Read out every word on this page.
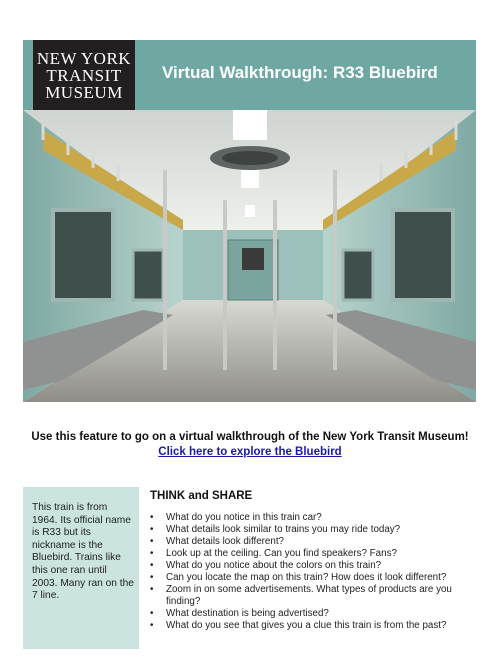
NEW YORK
TRANSIT
MUSEUM
Virtual Walkthrough: R33 Bluebird
Use this feature to go on a virtual walkthrough of the New York Transit Museum!
Click here to explore the Bluebird
This train is from 1964. Its official name is R33 but its nickname is the Bluebird. Trains like this one ran until 2003. Many ran on the 7 line.
THINK and SHARE
• What do you notice in this train car?
• What details look similar to trains you may ride today?
• What details look different?
• Look up at the ceiling. Can you find speakers? Fans?
• What do you notice about the colors on this train?
• Can you locate the map on this train? How does it look different?
• Zoom in on some advertisements. What types of products are you finding?
• What destination is being advertised?
• What do you see that gives you a clue this train is from the past?
